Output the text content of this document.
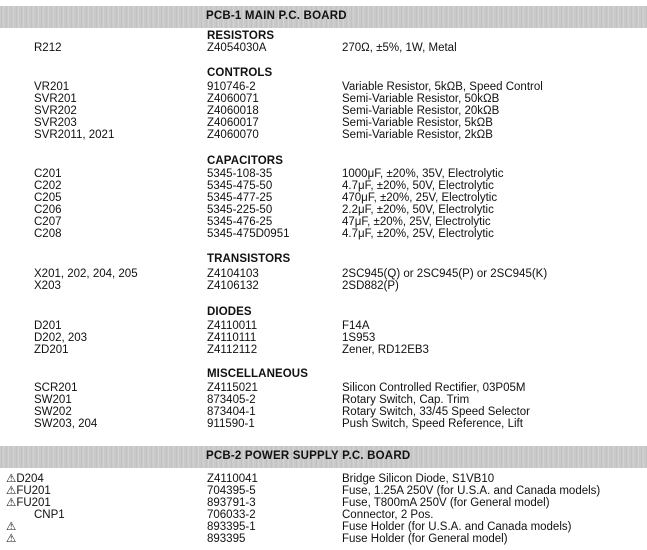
PCB-1 MAIN P.C. BOARD
RESISTORS
R212	Z4054030A	270Ω, ±5%, 1W, Metal
CONTROLS
VR201	910746-2	Variable Resistor, 5kΩB, Speed Control
SVR201	Z4060071	Semi-Variable Resistor, 50kΩB
SVR202	Z4060018	Semi-Variable Resistor, 20kΩB
SVR203	Z4060017	Semi-Variable Resistor, 5kΩB
SVR2011, 2021	Z4060070	Semi-Variable Resistor, 2kΩB
CAPACITORS
C201	5345-108-35	1000μF, ±20%, 35V, Electrolytic
C202	5345-475-50	4.7μF, ±20%, 50V, Electrolytic
C205	5345-477-25	470μF, ±20%, 25V, Electrolytic
C206	5345-225-50	2.2μF, ±20%, 50V, Electrolytic
C207	5345-476-25	47μF, ±20%, 25V, Electrolytic
C208	5345-475D0951	4.7μF, ±20%, 25V, Electrolytic
TRANSISTORS
X201, 202, 204, 205	Z4104103	2SC945(Q) or 2SC945(P) or 2SC945(K)
X203	Z4106132	2SD882(P)
DIODES
D201	Z4110011	F14A
D202, 203	Z4110111	1S953
ZD201	Z4112112	Zener, RD12EB3
MISCELLANEOUS
SCR201	Z4115021	Silicon Controlled Rectifier, 03P05M
SW201	873405-2	Rotary Switch, Cap. Trim
SW202	873404-1	Rotary Switch, 33/45 Speed Selector
SW203, 204	911590-1	Push Switch, Speed Reference, Lift
PCB-2 POWER SUPPLY P.C. BOARD
⚠D204	Z4110041	Bridge Silicon Diode, S1VB10
⚠FU201	704395-5	Fuse, 1.25A 250V (for U.S.A. and Canada models)
⚠FU201	893791-3	Fuse, T800mA 250V (for General model)
CNP1	706033-2	Connector, 2 Pos.
⚠	893395-1	Fuse Holder (for U.S.A. and Canada models)
⚠	893395	Fuse Holder (for General model)
